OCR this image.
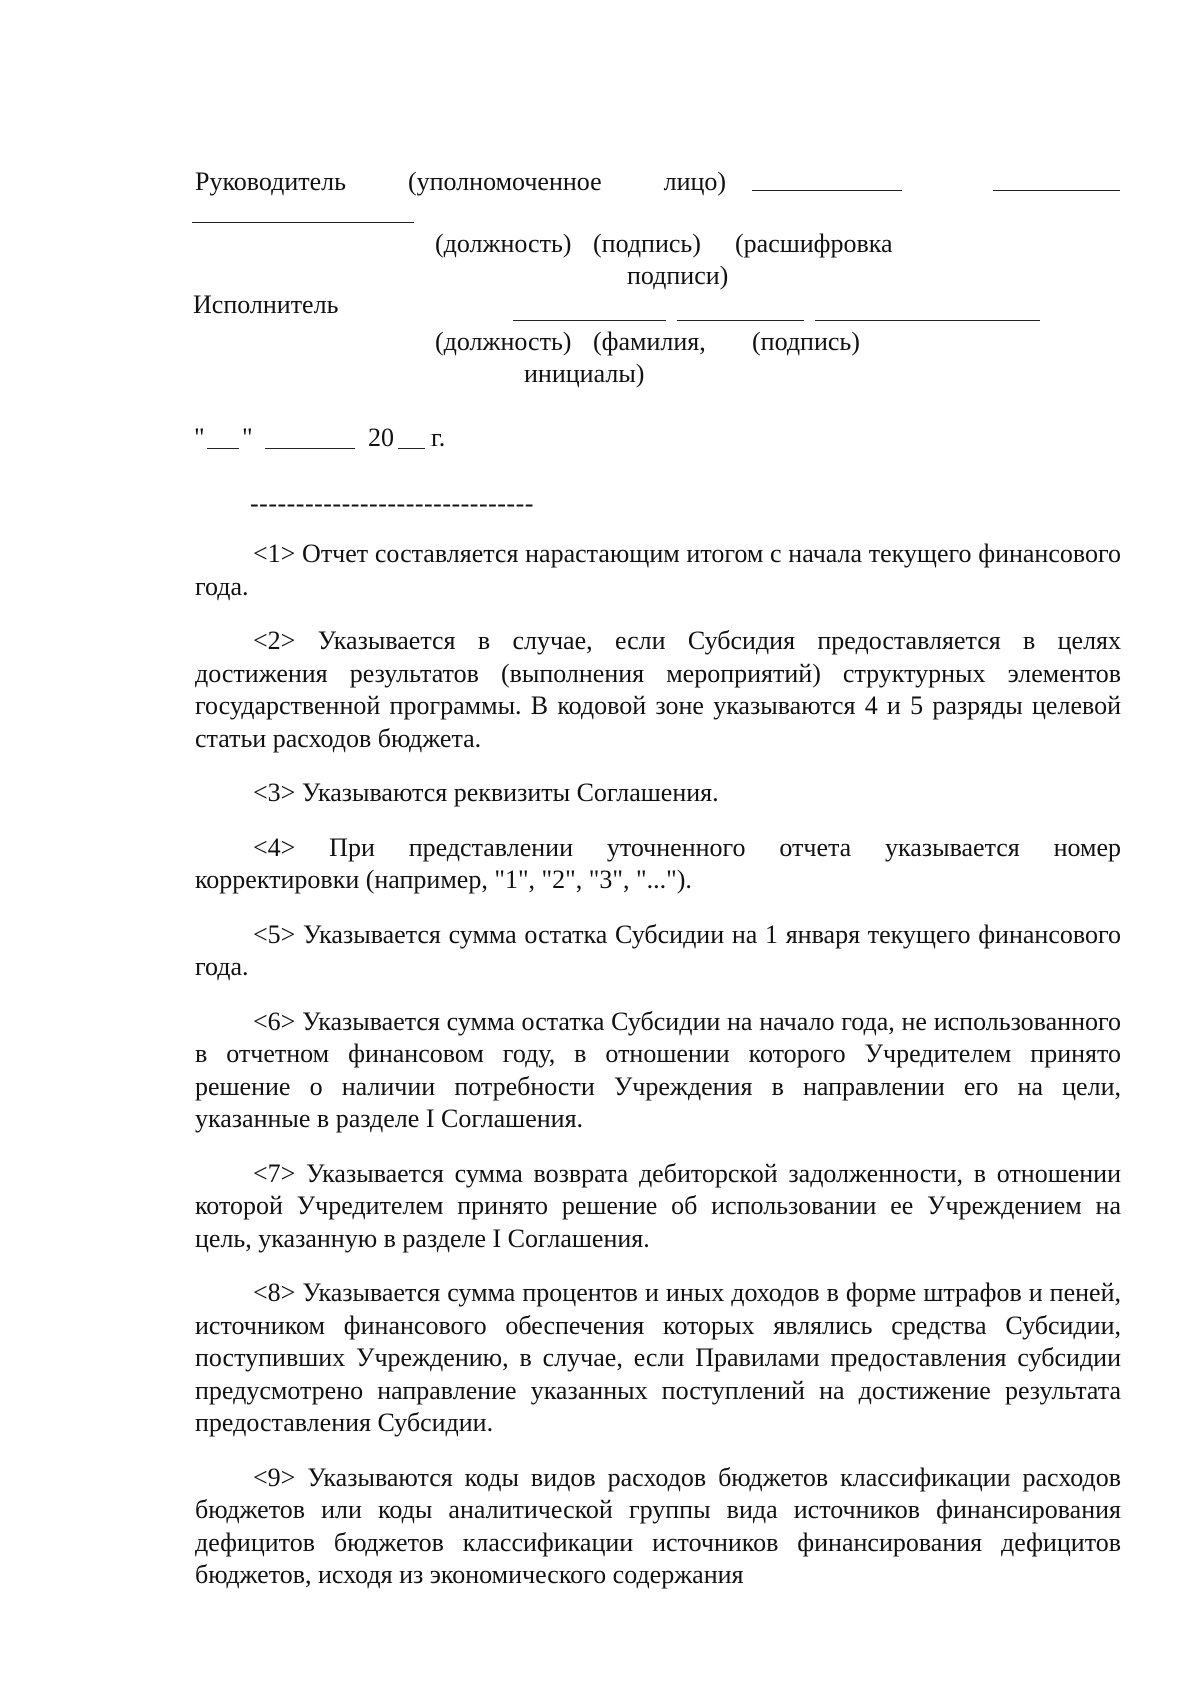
Руководитель (уполномоченное лицо)
(должность) (подпись) (расшифровка
подписи)
Исполнитель
(должность) (фамилия, (подпись)
инициалы)
" "	20 г.
-------------------------------

<1> Отчет составляется нарастающим итогом с начала текущего финансового года.

<2> Указывается в случае, если Субсидия предоставляется в целях достижения результатов (выполнения мероприятий) структурных элементов государственной программы. В кодовой зоне указываются 4 и 5 разряды целевой статьи расходов бюджета.

<3> Указываются реквизиты Соглашения.

<4> При представлении уточненного отчета указывается номер корректировки (например, "1", "2", "3", "...").

<5> Указывается сумма остатка Субсидии на 1 января текущего финансового года.

<6> Указывается сумма остатка Субсидии на начало года, не использованного в отчетном финансовом году, в отношении которого Учредителем принято решение о наличии потребности Учреждения в направлении его на цели, указанные в разделе I Соглашения.

<7> Указывается сумма возврата дебиторской задолженности, в отношении которой Учредителем принято решение об использовании ее Учреждением на цель, указанную в разделе I Соглашения.

<8> Указывается сумма процентов и иных доходов в форме штрафов и пеней, источником финансового обеспечения которых являлись средства Субсидии, поступивших Учреждению, в случае, если Правилами предоставления субсидии предусмотрено направление указанных поступлений на достижение результата предоставления Субсидии.

<9> Указываются коды видов расходов бюджетов классификации расходов бюджетов или коды аналитической группы вида источников финансирования дефицитов бюджетов классификации источников финансирования дефицитов бюджетов, исходя из экономического содержания
